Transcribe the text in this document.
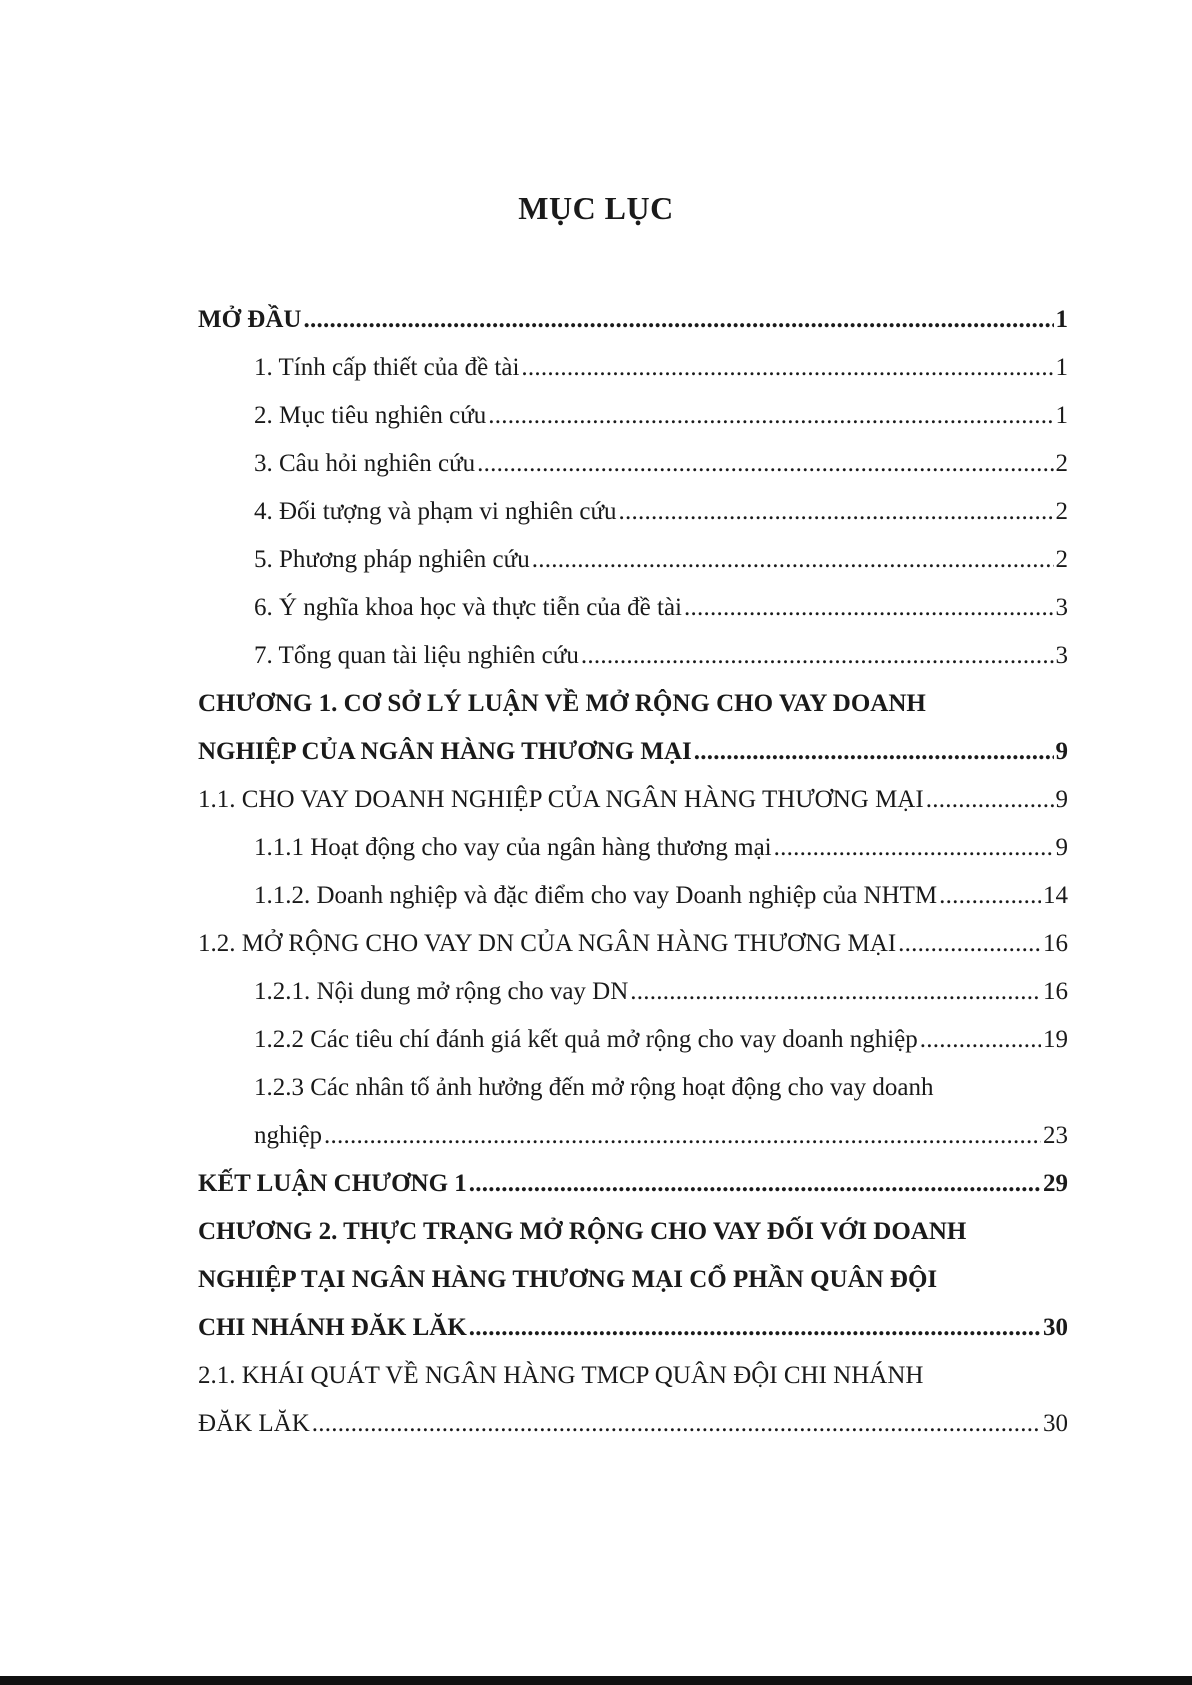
MỤC LỤC
MỞ ĐẦU . . .	1
1. Tính cấp thiết của đề tài . . .	1
2. Mục tiêu nghiên cứu . . .	1
3. Câu hỏi nghiên cứu . . .	2
4. Đối tượng và phạm vi nghiên cứu . . .	2
5. Phương pháp nghiên cứu . . .	2
6. Ý nghĩa khoa học và thực tiễn của đề tài . . .	3
7. Tổng quan tài liệu nghiên cứu . . .	3
CHƯƠNG 1. CƠ SỞ LÝ LUẬN VỀ MỞ RỘNG CHO VAY DOANH
NGHIỆP CỦA NGÂN HÀNG THƯƠNG MẠI . . .	9
1.1. CHO VAY DOANH NGHIỆP CỦA NGÂN HÀNG THƯƠNG MẠI . . .	9
1.1.1 Hoạt động cho vay của ngân hàng thương mại . . .	9
1.1.2. Doanh nghiệp và đặc điểm cho vay Doanh nghiệp của NHTM . . .	14
1.2. MỞ RỘNG CHO VAY DN CỦA NGÂN HÀNG THƯƠNG MẠI . . .	16
1.2.1. Nội dung mở rộng cho vay DN . . .	16
1.2.2 Các tiêu chí đánh giá kết quả mở rộng cho vay doanh nghiệp . . .	19
1.2.3 Các nhân tố ảnh hưởng đến mở rộng hoạt động cho vay doanh
nghiệp . . .	23
KẾT LUẬN CHƯƠNG 1 . . .	29
CHƯƠNG 2. THỰC TRẠNG MỞ RỘNG CHO VAY ĐỐI VỚI DOANH
NGHIỆP TẠI NGÂN HÀNG THƯƠNG MẠI CỔ PHẦN QUÂN ĐỘI
CHI NHÁNH ĐĂK LĂK . . .	30
2.1. KHÁI QUÁT VỀ NGÂN HÀNG TMCP QUÂN ĐỘI CHI NHÁNH
ĐĂK LĂK . . .	30
